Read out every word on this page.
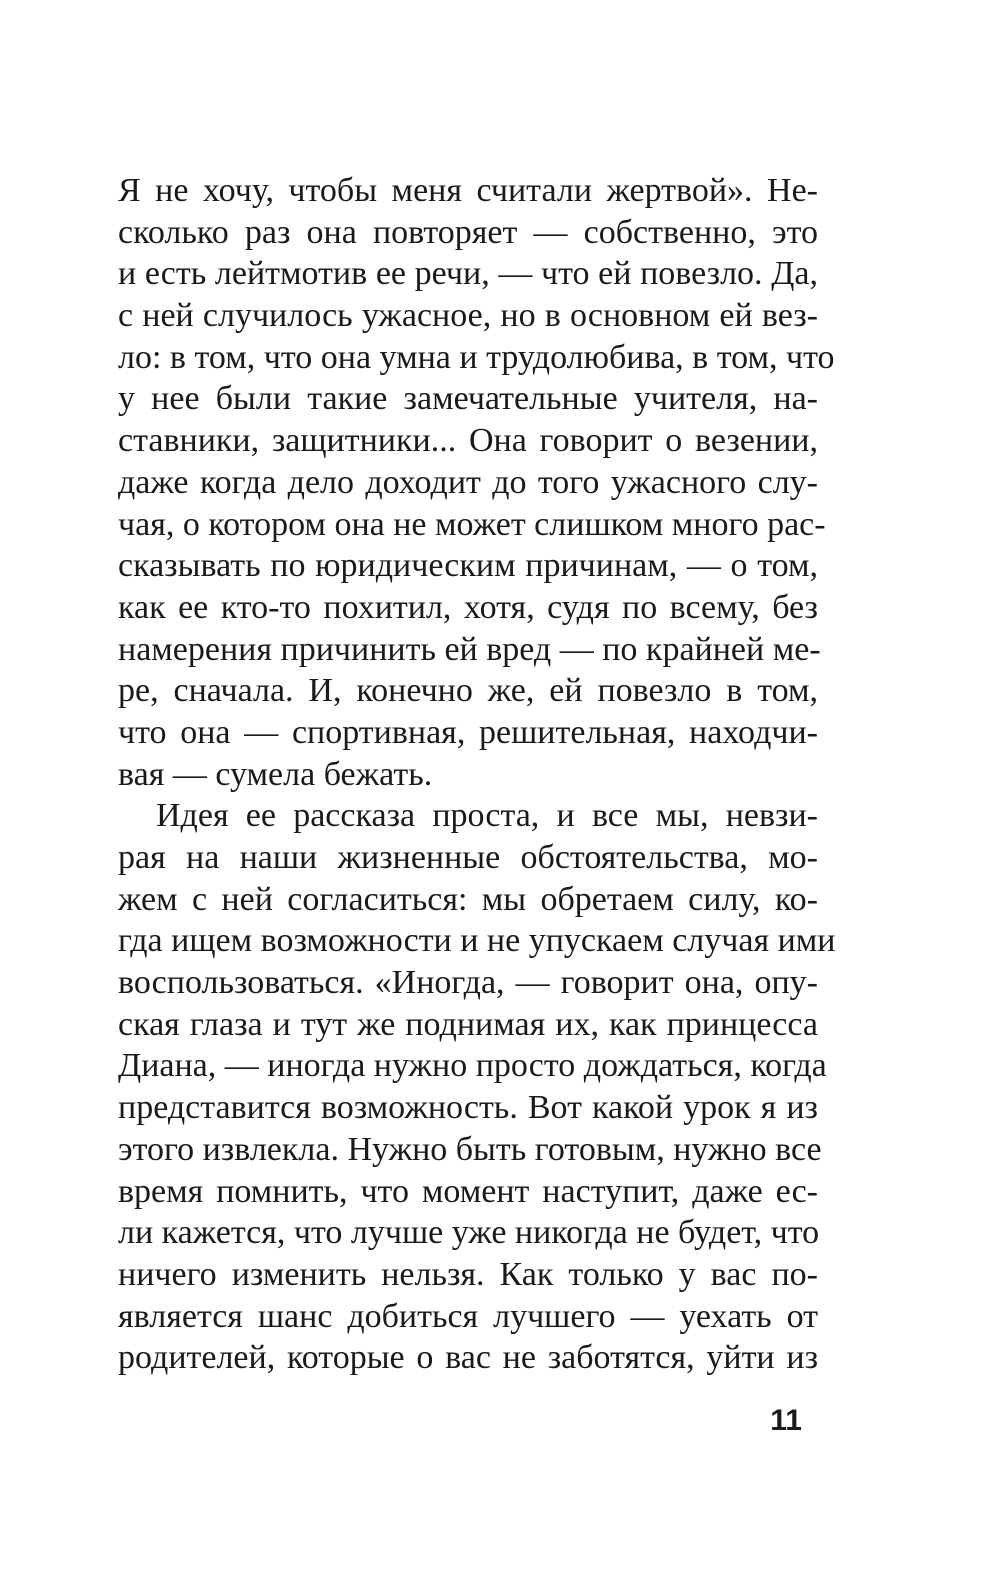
Я не хочу, чтобы меня считали жертвой». Не-
сколько раз она повторяет — собственно, это
и есть лейтмотив ее речи, — что ей повезло. Да,
с ней случилось ужасное, но в основном ей вез-
ло: в том, что она умна и трудолюбива, в том, что
у нее были такие замечательные учителя, на-
ставники, защитники... Она говорит о везении,
даже когда дело доходит до того ужасного слу-
чая, о котором она не может слишком много рас-
сказывать по юридическим причинам, — о том,
как ее кто-то похитил, хотя, судя по всему, без
намерения причинить ей вред — по крайней ме-
ре, сначала. И, конечно же, ей повезло в том,
что она — спортивная, решительная, находчи-
вая — сумела бежать.
Идея ее рассказа проста, и все мы, невзи-
рая на наши жизненные обстоятельства, мо-
жем с ней согласиться: мы обретаем силу, ко-
гда ищем возможности и не упускаем случая ими
воспользоваться. «Иногда, — говорит она, опу-
ская глаза и тут же поднимая их, как принцесса
Диана, — иногда нужно просто дождаться, когда
представится возможность. Вот какой урок я из
этого извлекла. Нужно быть готовым, нужно все
время помнить, что момент наступит, даже ес-
ли кажется, что лучше уже никогда не будет, что
ничего изменить нельзя. Как только у вас по-
является шанс добиться лучшего — уехать от
родителей, которые о вас не заботятся, уйти из
11
